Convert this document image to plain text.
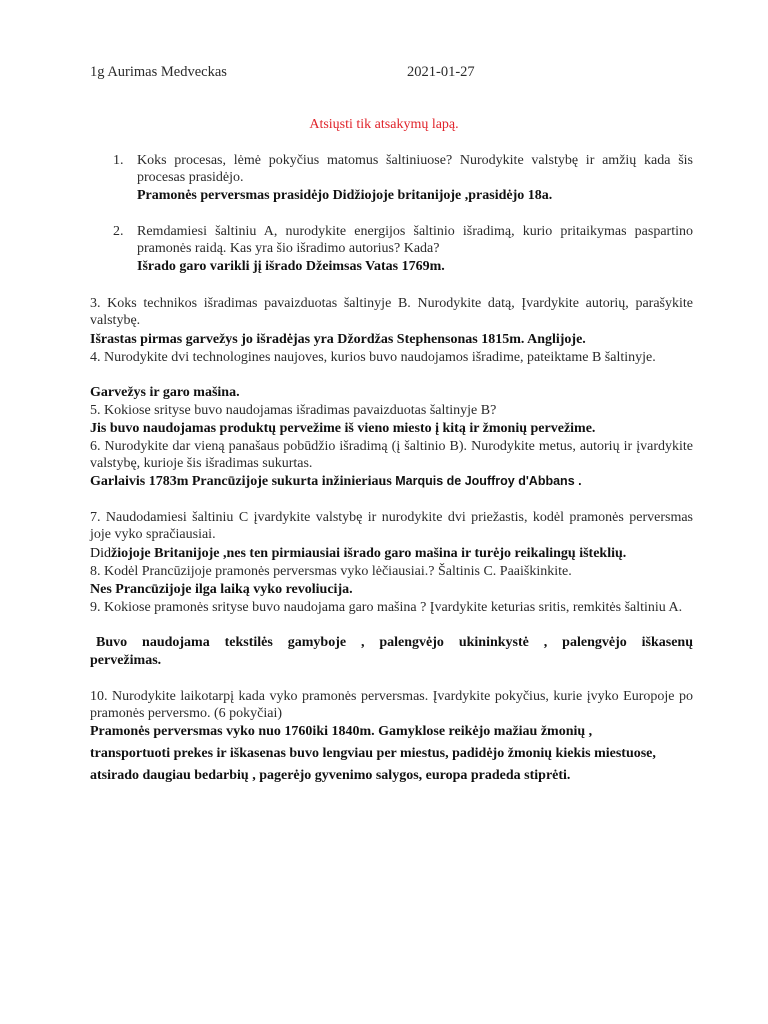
1g Aurimas Medveckas	2021-01-27
Atsiųsti tik atsakymų lapą.
1. Koks procesas, lėmė pokyčius matomus šaltiniuose? Nurodykite valstybę ir amžių kada šis procesas prasidėjo.
Pramonės perversmas prasidėjo Didžiojoje britanijoje ,prasidėjo 18a.
2. Remdamiesi šaltiniu A, nurodykite energijos šaltinio išradimą, kurio pritaikymas paspartino pramonės raidą. Kas yra šio išradimo autorius? Kada?
Išrado garo varikli jį išrado Džeimsas Vatas 1769m.
3. Koks technikos išradimas pavaizduotas šaltinyje B. Nurodykite datą, Įvardykite autorių, parašykite valstybę.
Išrastas pirmas garvežys jo išradėjas yra Džordžas Stephensonas 1815m. Anglijoje.
4. Nurodykite dvi technologines naujoves, kurios buvo naudojamos išradime, pateiktame B šaltinyje.
Garvežys ir garo mašina.
5. Kokiose srityse buvo naudojamas išradimas pavaizduotas šaltinyje B?
Jis buvo naudojamas produktų pervežime iš vieno miesto į kitą ir žmonių pervežime.
6. Nurodykite dar vieną panašaus pobūdžio išradimą (į šaltinio B). Nurodykite metus, autorių ir įvardykite valstybę, kurioje šis išradimas sukurtas.
Garlaivis 1783m Prancūzijoje sukurta inžinieriaus Marquis de Jouffroy d'Abbans .
7. Naudodamiesi šaltiniu C įvardykite valstybę ir nurodykite dvi priežastis, kodėl pramonės perversmas joje vyko spračiausiai.
Didžiojoje Britanijoje ,nes ten pirmiausiai išrado garo mašina ir turėjo reikalingų išteklių.
8. Kodėl Prancūzijoje pramonės perversmas vyko lėčiausiai.? Šaltinis C. Paaiškinkite.
Nes Prancūzijoje ilga laiką vyko revoliucija.
9. Kokiose pramonės srityse buvo naudojama garo mašina ? Įvardykite keturias sritis, remkitės šaltiniu A.
Buvo naudojama tekstilės gamyboje , palengvėjo ukininkystė , palengvėjo iškasenų
pervežimas.
10. Nurodykite laikotarpį kada vyko pramonės perversmas. Įvardykite pokyčius, kurie įvyko Europoje po pramonės perversmo. (6 pokyčiai)
Pramonės perversmas vyko nuo 1760iki 1840m. Gamyklose reikėjo mažiau žmonių ,
transportuoti prekes ir iškasenas buvo lengviau per miestus, padidėjo žmonių kiekis miestuose,
atsirado daugiau bedarbių , pagerėjo gyvenimo salygos, europa pradeda stiprėti.
